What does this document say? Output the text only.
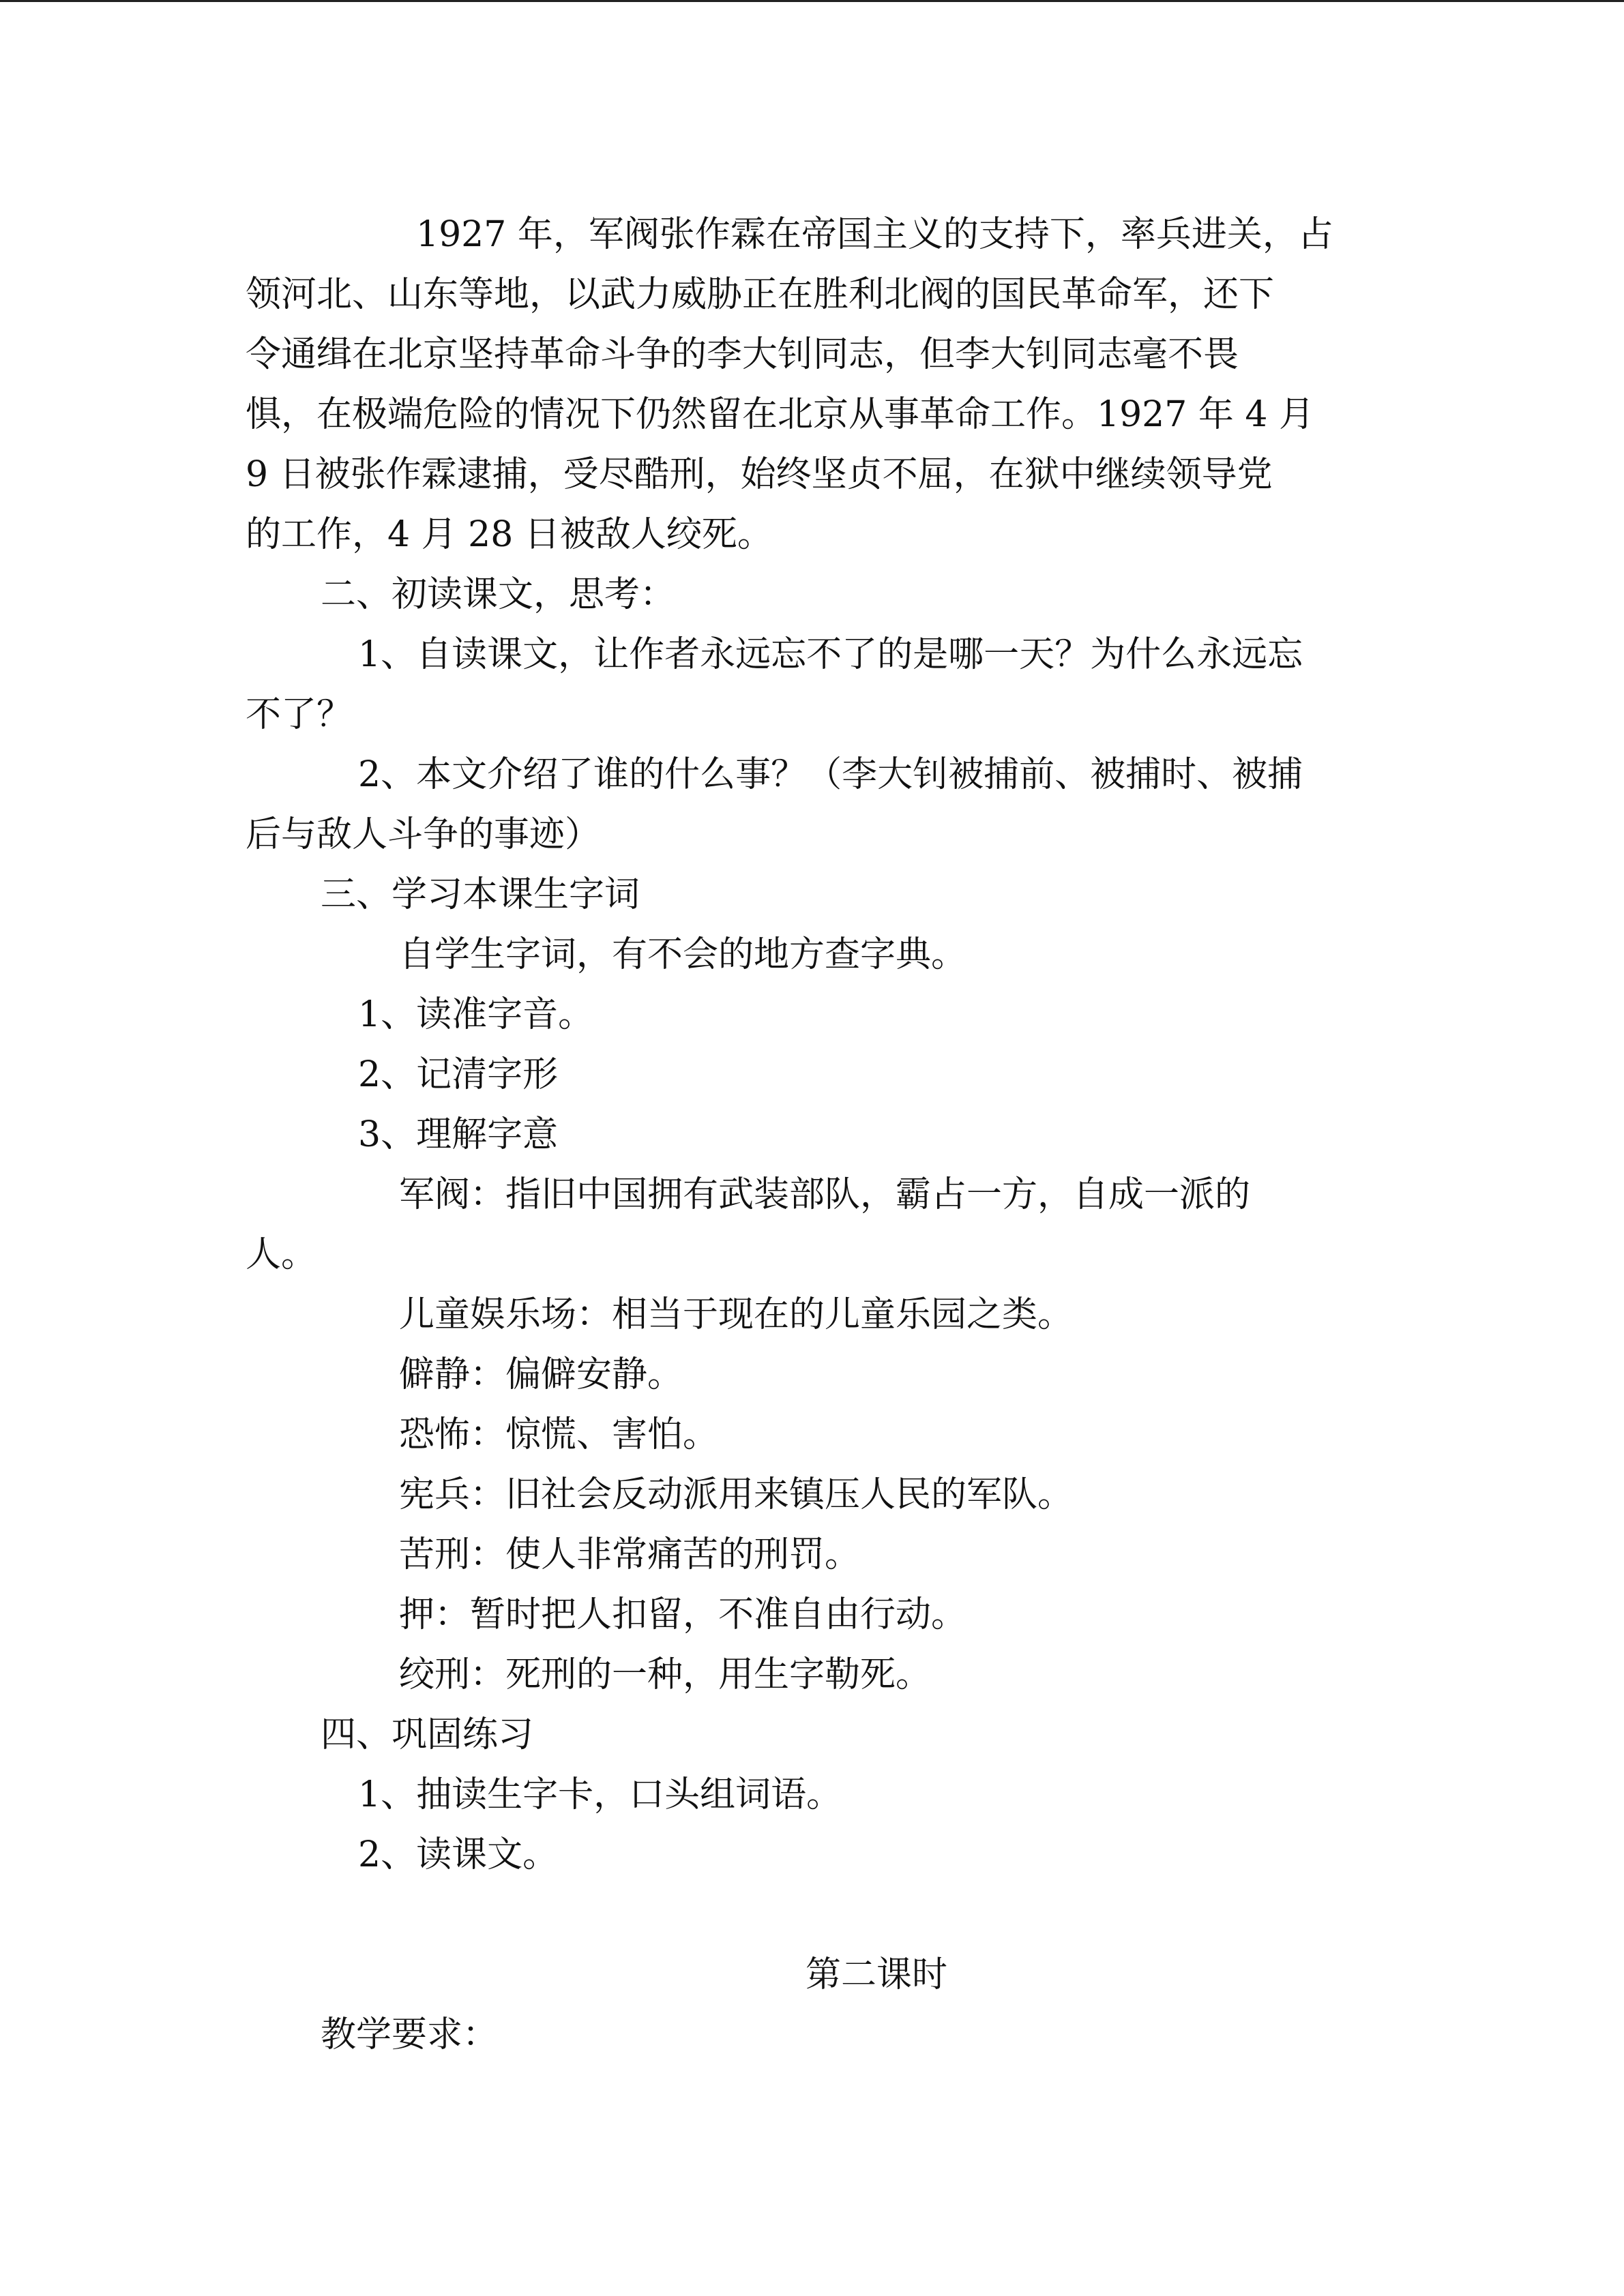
1927 年，军阀张作霖在帝国主义的支持下，率兵进关，占
领河北、山东等地，以武力威胁正在胜利北阀的国民革命军，还下
令通缉在北京坚持革命斗争的李大钊同志，但李大钊同志毫不畏
惧，在极端危险的情况下仍然留在北京从事革命工作。1927 年 4 月
9 日被张作霖逮捕，受尽酷刑，始终坚贞不屈，在狱中继续领导党
的工作，4 月 28 日被敌人绞死。
二、初读课文，思考：
1、自读课文，让作者永远忘不了的是哪一天？为什么永远忘
不了？
2、本文介绍了谁的什么事？（李大钊被捕前、被捕时、被捕
后与敌人斗争的事迹）
三、学习本课生字词
自学生字词，有不会的地方查字典。
1、读准字音。
2、记清字形
3、理解字意
军阀：指旧中国拥有武装部队，霸占一方，自成一派的
人。
儿童娱乐场：相当于现在的儿童乐园之类。
僻静：偏僻安静。
恐怖：惊慌、害怕。
宪兵：旧社会反动派用来镇压人民的军队。
苦刑：使人非常痛苦的刑罚。
押：暂时把人扣留，不准自由行动。
绞刑：死刑的一种，用生字勒死。
四、巩固练习
1、抽读生字卡，口头组词语。
2、读课文。
第二课时
教学要求：
